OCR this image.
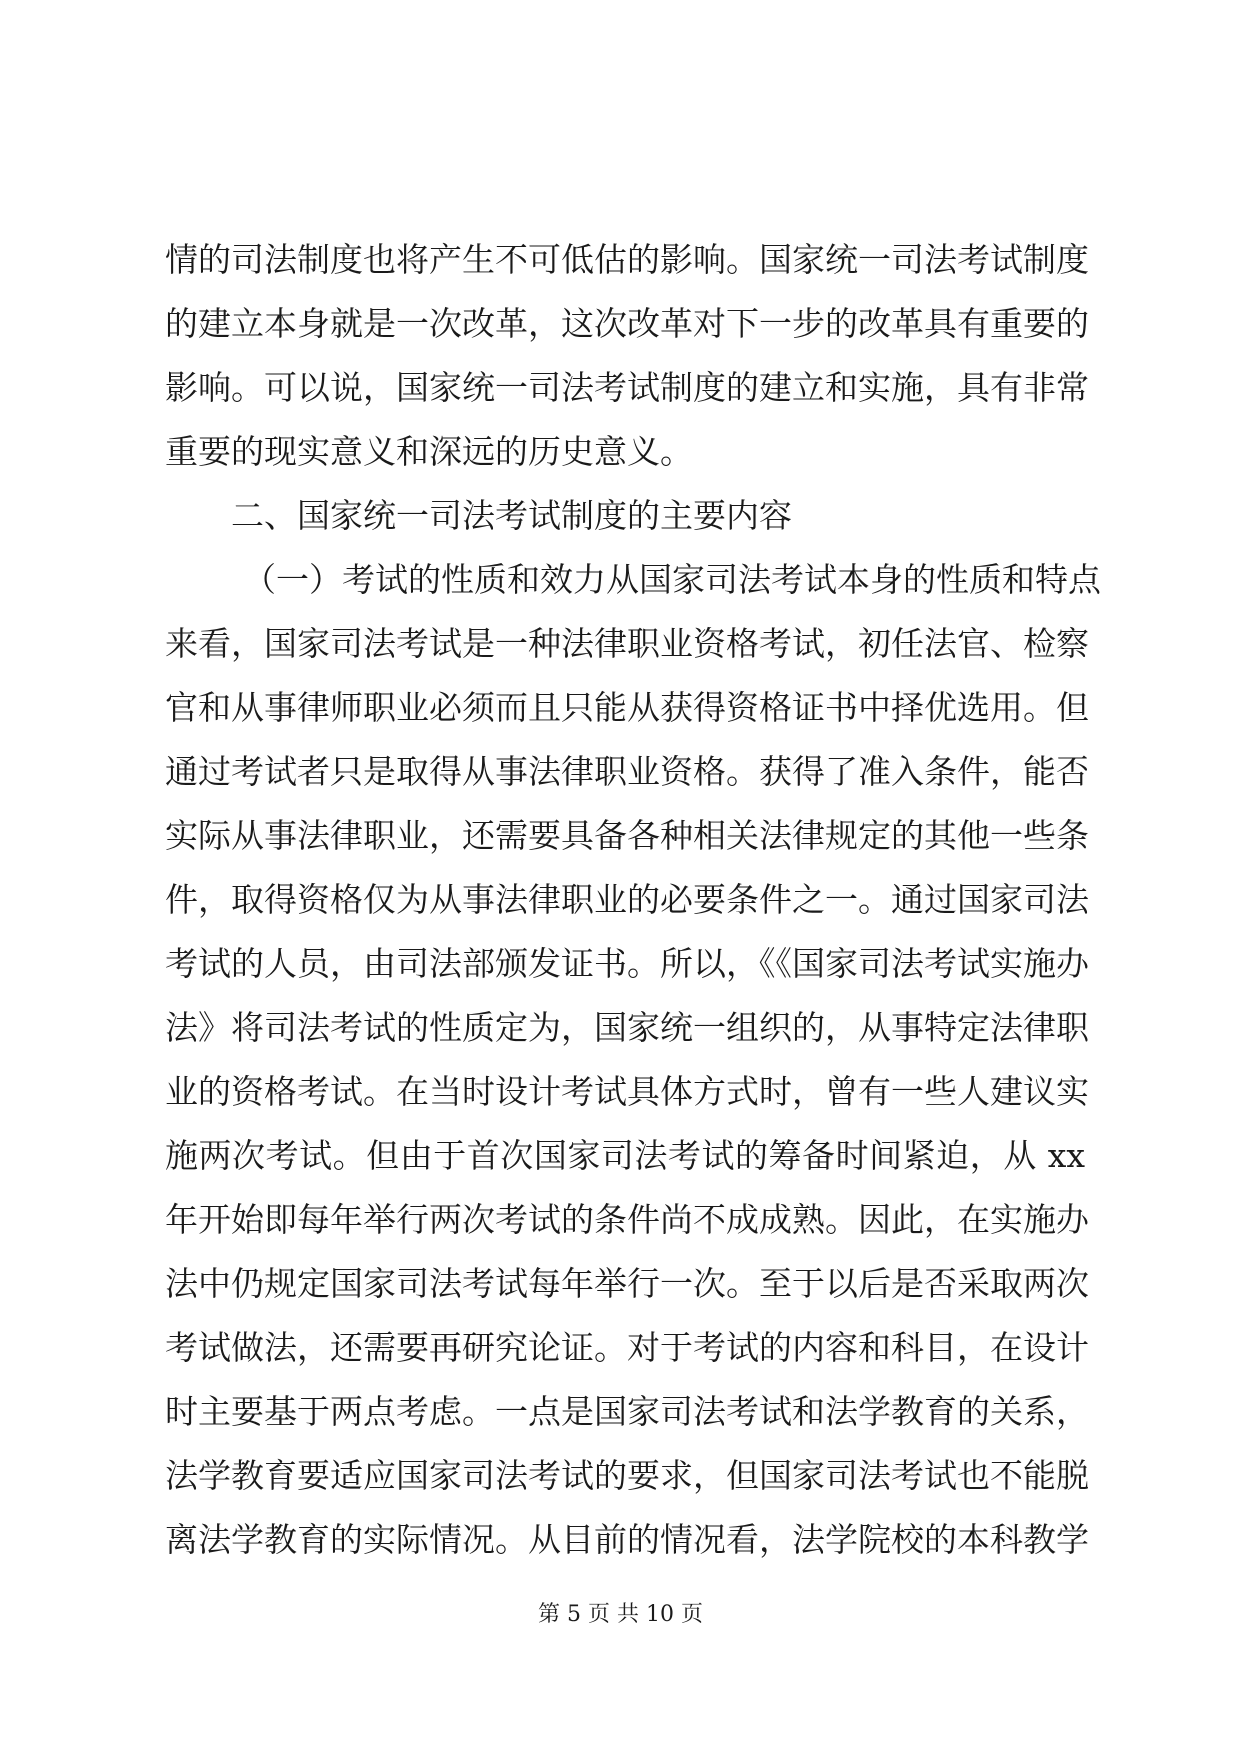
情的司法制度也将产生不可低估的影响。国家统一司法考试制度
的建立本身就是一次改革，这次改革对下一步的改革具有重要的
影响。可以说，国家统一司法考试制度的建立和实施，具有非常
重要的现实意义和深远的历史意义。
二、国家统一司法考试制度的主要内容
（一）考试的性质和效力从国家司法考试本身的性质和特点
来看，国家司法考试是一种法律职业资格考试，初任法官、检察
官和从事律师职业必须而且只能从获得资格证书中择优选用。但
通过考试者只是取得从事法律职业资格。获得了准入条件，能否
实际从事法律职业，还需要具备各种相关法律规定的其他一些条
件，取得资格仅为从事法律职业的必要条件之一。通过国家司法
考试的人员，由司法部颁发证书。所以，《《国家司法考试实施办
法》将司法考试的性质定为，国家统一组织的，从事特定法律职
业的资格考试。在当时设计考试具体方式时，曾有一些人建议实
施两次考试。但由于首次国家司法考试的筹备时间紧迫，从 xx
年开始即每年举行两次考试的条件尚不成成熟。因此，在实施办
法中仍规定国家司法考试每年举行一次。至于以后是否采取两次
考试做法，还需要再研究论证。对于考试的内容和科目，在设计
时主要基于两点考虑。一点是国家司法考试和法学教育的关系，
法学教育要适应国家司法考试的要求，但国家司法考试也不能脱
离法学教育的实际情况。从目前的情况看，法学院校的本科教学
第 5 页 共 10 页
